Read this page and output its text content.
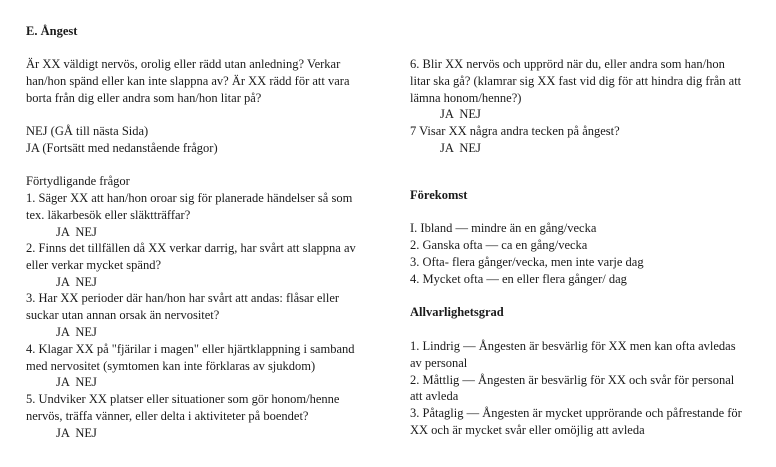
E. Ångest
Är XX väldigt nervös, orolig eller rädd utan anledning? Verkar
han/hon spänd eller kan inte slappna av? Är XX rädd för att vara
borta från dig eller andra som han/hon litar på?
NEJ (GÅ till nästa Sida)
JA (Fortsätt med nedanstående frågor)
Förtydligande frågor
1. Säger XX att han/hon oroar sig för planerade händelser så som
tex. läkarbesök eller släktträffar?
JA NEJ
2. Finns det tillfällen då XX verkar darrig, har svårt att slappna av
eller verkar mycket spänd?
JA NEJ
3. Har XX perioder där han/hon har svårt att andas: flåsar eller
suckar utan annan orsak än nervositet?
JA NEJ
4. Klagar XX på "fjärilar i magen" eller hjärtklappning i samband
med nervositet (symtomen kan inte förklaras av sjukdom)
JA NEJ
5. Undviker XX platser eller situationer som gör honom/henne
nervös, träffa vänner, eller delta i aktiviteter på boendet?
JA NEJ
6. Blir XX nervös och upprörd när du, eller andra som han/hon
litar ska gå? (klamrar sig XX fast vid dig för att hindra dig från att
lämna honom/henne?)
JA NEJ
7 Visar XX några andra tecken på ångest?
JA NEJ
Förekomst
I. Ibland — mindre än en gång/vecka
2. Ganska ofta — ca en gång/vecka
3. Ofta- flera gånger/vecka, men inte varje dag
4. Mycket ofta — en eller flera gånger/ dag
Allvarlighetsgrad
1. Lindrig — Ångesten är besvärlig för XX men kan ofta avledas
av personal
2. Måttlig — Ångesten är besvärlig för XX och svår för personal
att avleda
3. Påtaglig — Ångesten är mycket upprörande och påfrestande för
XX och är mycket svår eller omöjlig att avleda
